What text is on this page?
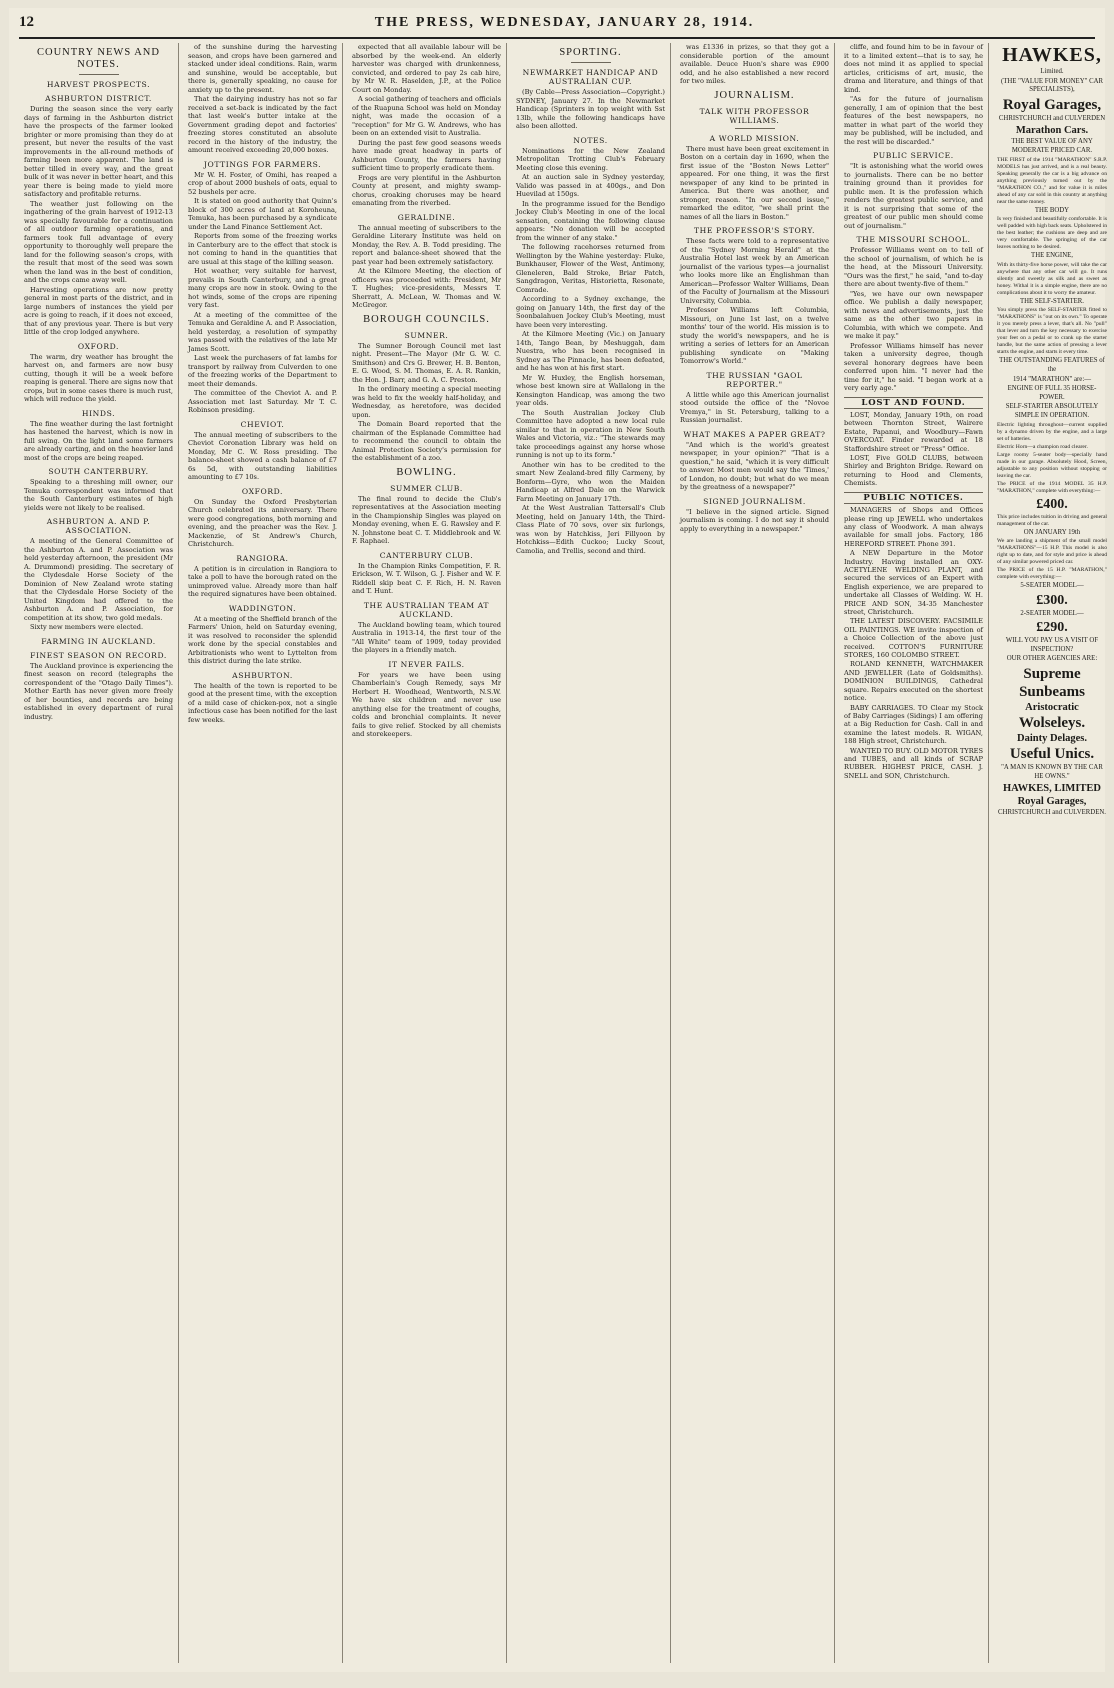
12	THE PRESS, WEDNESDAY, JANUARY 28, 1914.
COUNTRY NEWS AND NOTES.
HARVEST PROSPECTS.
ASHBURTON DISTRICT.

During the season since the very early days of farming in the Ashburton district have the prospects of the farmer looked brighter or more promising than they do at present, but never the results of the vast improvements in the all-round methods of farming been more apparent. The land is better tilled in every way, and the great bulk of it was never in better heart, and this year there is being made to yield more satisfactory and profitable returns.

The weather just following on the ingathering of the grain harvest of 1912-13 was specially favourable for a continuation of all outdoor farming operations, and farmers took full advantage of every opportunity to thoroughly well prepare the land for the following season's crops, with the result that most of the seed was sown when the land was in the best of condition, and the crops came away well.

Harvesting operations are now pretty general in most parts of the district, and in large numbers of instances the yield per acre is going to reach, if it does not exceed, that of any previous year. There is but very little of the crop lodged anywhere.

OXFORD.

The warm, dry weather has brought the harvest on, and farmers are now busy cutting, though it will be a week before reaping is general. There are signs now that crops, but in some cases there is much rust, which will reduce the yield.

HINDS.

The fine weather during the last fortnight has hastened the harvest, which is now in full swing. On the light land some farmers are already carting, and on the heavier land most of the crops are being reaped.

SOUTH CANTERBURY.

Speaking to a threshing mill owner, our Temuka correspondent was informed that the South Canterbury estimates of high yields were not likely to be realised.

ASHBURTON A. AND P. ASSOCIATION.

A meeting of the General Committee of the Ashburton A. and P. Association was held yesterday afternoon, the president (Mr A. Drummond) presiding. The secretary of the Clydesdale Horse Society of the Dominion of New Zealand wrote stating that the Clydesdale Horse Society of the United Kingdom had offered to the Ashburton A. and P. Association, for competition at its show, two gold medals.

Sixty new members were elected.

FARMING IN AUCKLAND.
FINEST SEASON ON RECORD.

The Auckland province is experiencing the finest season on record (telegraphs the correspondent of the "Otago Daily Times"). Mother Earth has never given more freely of her bounties, and records are being established in every department of rural industry.

of the sunshine during the harvesting season, and crops have been garnered and stacked under ideal conditions. Rain, warm and sunshine, would be acceptable, but there is, generally speaking, no cause for anxiety up to the present.

That the dairying industry has not so far received a set-back is indicated by the fact that last week's butter intake at the Government grading depot and factories' freezing stores constituted an absolute record in the history of the industry, the amount received exceeding 20,000 boxes.

JOTTINGS FOR FARMERS.

Mr W. H. Foster, of Omihi, has reaped a crop of about 2000 bushels of oats, equal to 52 bushels per acre.

It is stated on good authority that Quinn's block of 300 acres of land at Koroheuna, Temuka, has been purchased by a syndicate under the Land Finance Settlement Act.

Reports from some of the freezing works in Canterbury are to the effect that stock is not coming to hand in the quantities that are usual at this stage of the killing season.

Hot weather, very suitable for harvest, prevails in South Canterbury, and a great many crops are now in stook. Owing to the hot winds, some of the crops are ripening very fast.

At a meeting of the committee of the Temuka and Geraldine A. and P. Association, held yesterday, a resolution of sympathy was passed with the relatives of the late Mr James Scott.

Last week the purchasers of fat lambs for transport by railway from Culverden to one of the freezing works of the Department to meet their demands.

The committee of the Cheviot A. and P. Association met last Saturday. Mr T. C. Robinson presiding.

CHEVIOT.

The annual meeting of subscribers to the Cheviot Coronation Library was held on Monday, Mr C. W. Ross presiding. The balance-sheet showed a cash balance of £7 6s 5d, with outstanding liabilities amounting to £7 10s.

OXFORD.

On Sunday the Oxford Presbyterian Church celebrated its anniversary. There were good congregations, both morning and evening, and the preacher was the Rev. J. Mackenzie, of St Andrew's Church, Christchurch.

RANGIORA.

A petition is in circulation in Rangiora to take a poll to have the borough rated on the unimproved value. Already more than half the required signatures have been obtained.

WADDINGTON.

At a meeting of the Sheffield branch of the Farmers' Union, held on Saturday evening, it was resolved to reconsider the splendid work done by the special constables and Arbitrationists who went to Lyttelton from this district during the late strike.

ASHBURTON.

The health of the town is reported to be good at the present time, with the exception of a mild case of chicken-pox, not a single infectious case has been notified for the last few weeks.

expected that all available labour will be absorbed by the week-end. An elderly harvester was charged with drunkenness, convicted, and ordered to pay 2s cab hire, by Mr W. R. Haselden, J.P., at the Police Court on Monday.

A social gathering of teachers and officials of the Ruapuna School was held on Monday night, was made the occasion of a "reception" for Mr G. W. Andrews, who has been on an extended visit to Australia.

During the past few good seasons weeds have made great headway in parts of Ashburton County, the farmers having sufficient time to properly eradicate them.

Frogs are very plentiful in the Ashburton County at present, and mighty swamp-chorus, croaking choruses may be heard emanating from the riverbed.

GERALDINE.

The annual meeting of subscribers to the Geraldine Literary Institute was held on Monday, the Rev. A. B. Todd presiding. The report and balance-sheet showed that the past year had been extremely satisfactory.

At the Kilmore Meeting, the election of officers was proceeded with: President, Mr T. Hughes; vice-presidents, Messrs T. Sherratt, A. McLean, W. Thomas and W. McGregor.

BOROUGH COUNCILS.
SUMNER.

The Sumner Borough Council met last night. Present—The Mayor (Mr G. W. C. Smithson) and Crs G. Brewer, H. B. Benton, E. G. Wood, S. M. Thomas, E. A. R. Rankin, the Hon. J. Barr, and G. A. C. Preston.

In the ordinary meeting a special meeting was held to fix the weekly half-holiday, and Wednesday, as heretofore, was decided upon.

The Domain Board reported that the chairman of the Esplanade Committee had to recommend the council to obtain the Animal Protection Society's permission for the establishment of a zoo.

BOWLING.
SUMMER CLUB.

The final round to decide the Club's representatives at the Association meeting in the Championship Singles was played on Monday evening, when E. G. Rawsley and F. N. Johnstone beat C. T. Middlebrook and W. F. Raphael.

CANTERBURY CLUB.

In the Champion Rinks Competition, F. R. Erickson, W. T. Wilson, G. J. Fisher and W. F. Riddell skip beat C. F. Rich, H. N. Raven and T. Hunt.

THE AUSTRALIAN TEAM AT AUCKLAND.

The Auckland bowling team, which toured Australia in 1913-14, the first tour of the "All White" team of 1909, today provided the players in a friendly match.

IT NEVER FAILS.

For years we have been using Chamberlain's Cough Remedy, says Mr Herbert H. Woodhead, Wentworth, N.S.W. We have six children and never use anything else for the treatment of coughs, colds and bronchial complaints. It never fails to give relief. Stocked by all chemists and storekeepers.

SPORTING.
NEWMARKET HANDICAP AND AUSTRALIAN CUP.

(By Cable—Press Association—Copyright.) SYDNEY, January 27. In the Newmarket Handicap (Sprinters in top weight with Sst 13lb, while the following handicaps have also been allotted.

NOTES.

Nominations for the New Zealand Metropolitan Trotting Club's February Meeting close this evening.

At an auction sale in Sydney yesterday, Valido was passed in at 400gs., and Don Huevilad at 150gs.

In the programme issued for the Bendigo Jockey Club's Meeting in one of the local sensation, containing the following clause appears: "No donation will be accepted from the winner of any stake."

The following racehorses returned from Wellington by the Wahine yesterday: Fluke, Bunkhauser, Flower of the West, Antimony, Gleneleren, Bald Stroke, Briar Patch, Sangdragon, Veritas, Historietta, Resonate, Comrade.

According to a Sydney exchange, the going on January 14th, the first day of the Soonbalahuen Jockey Club's Meeting, must have been very interesting.

At the Kilmore Meeting (Vic.) on January 14th, Tango Bean, by Meshuggah, dam Nuestra, who has been recognised in Sydney as The Pinnacle, has been defeated, and he has won at his first start.

Mr W. Huxley, the English horseman, whose best known sire at Wallalong in the Kensington Handicap, was among the two year olds.

The South Australian Jockey Club Committee have adopted a new local rule similar to that in operation in New South Wales and Victoria, viz.: "The stewards may take proceedings against any horse whose running is not up to its form."

Another win has to be credited to the smart New Zealand-bred filly Carmeny, by Bonform—Gyre, who won the Maiden Handicap at Alfred Dale on the Warwick Farm Meeting on January 17th.

At the West Australian Tattersall's Club Meeting, held on January 14th, the Third-Class Plate of 70 sovs, over six furlongs, was won by Hatchkiss, Jeri Fillyoon by Hotchkiss—Edith Cuckoo; Lucky Scout, Camolia, and Trellis, second and third.

was £1336 in prizes, so that they got a considerable portion of the amount available. Deuce Huon's share was £900 odd, and he also established a new record for two miles.

JOURNALISM.
TALK WITH PROFESSOR WILLIAMS.
A WORLD MISSION.

There must have been great excitement in Boston on a certain day in 1690, when the first issue of the "Boston News Letter" appeared. For one thing, it was the first newspaper of any kind to be printed in America. But there was another, and stronger, reason. "In our second issue," remarked the editor, "we shall print the names of all the liars in Boston."

THE PROFESSOR'S STORY.

These facts were told to a representative of the "Sydney Morning Herald" at the Australia Hotel last week by an American journalist of the various types—a journalist who looks more like an Englishman than American—Professor Walter Williams, Dean of the Faculty of Journalism at the Missouri University, Columbia.

Professor Williams left Columbia, Missouri, on June 1st last, on a twelve months' tour of the world. His mission is to study the world's newspapers, and he is writing a series of letters for an American publishing syndicate on "Making Tomorrow's World."

THE RUSSIAN "GAOL REPORTER."

A little while ago this American journalist stood outside the office of the "Novoe Vremya," in St. Petersburg, talking to a Russian journalist.

WHAT MAKES A PAPER GREAT?

"And which is the world's greatest newspaper, in your opinion?" "That is a question," he said, "which it is very difficult to answer. Most men would say the 'Times,' of London, no doubt; but what do we mean by the greatness of a newspaper?"

SIGNED JOURNALISM.

"I believe in the signed article. Signed journalism is coming. I do not say it should apply to everything in a newspaper."

cliffe, and found him to be in favour of it to a limited extent—that is to say, he does not mind it as applied to special articles, criticisms of art, music, the drama and literature, and things of that kind.

"As for the future of journalism generally, I am of opinion that the best features of the best newspapers, no matter in what part of the world they may be published, will be included, and the rest will be discarded."

PUBLIC SERVICE.

"It is astonishing what the world owes to journalists. There can be no better training ground than it provides for public men. It is the profession which renders the greatest public service, and it is not surprising that some of the greatest of our public men should come out of journalism."

THE MISSOURI SCHOOL.

Professor Williams went on to tell of the school of journalism, of which he is the head, at the Missouri University. "Ours was the first," he said, "and to-day there are about twenty-five of them."

"Yes, we have our own newspaper office. We publish a daily newspaper, with news and advertisements, just the same as the other two papers in Columbia, with which we compete. And we make it pay."

Professor Williams himself has never taken a university degree, though several honorary degrees have been conferred upon him. "I never had the time for it," he said. "I began work at a very early age."

LOST AND FOUND.

LOST, Monday, January 19th, on road between Thornton Street, Wairere Estate, Papanui, and Woodbury—Fawn OVERCOAT. Finder rewarded at 18 Staffordshire street or "Press" Office.

LOST, Five GOLD CLUBS, between Shirley and Brighton Bridge. Reward on returning to Hood and Clements, Chemists.

PUBLIC NOTICES.

MANAGERS of Shops and Offices please ring up JEWELL who undertakes any class of Woodwork. A man always available for small jobs. Factory, 186 HEREFORD STREET. Phone 391.

A NEW Departure in the Motor Industry. Having installed an OXY-ACETYLENE WELDING PLANT, and secured the services of an Expert with English experience, we are prepared to undertake all Classes of Welding. W. H. PRICE AND SON, 34-35 Manchester street, Christchurch.

THE LATEST DISCOVERY. FACSIMILE OIL PAINTINGS. WE invite inspection of a Choice Collection of the above just received. COTTON'S FURNITURE STORES, 160 COLOMBO STREET.

ROLAND KENNETH, WATCHMAKER AND JEWELLER (Late of Goldsmiths). DOMINION BUILDINGS, Cathedral square. Repairs executed on the shortest notice.

BABY CARRIAGES. TO Clear my Stock of Baby Carriages (Sidings) I am offering at a Big Reduction for Cash. Call in and examine the latest models. R. WIGAN, 188 High street, Christchurch.

WANTED TO BUY. OLD MOTOR TYRES and TUBES, and all kinds of SCRAP RUBBER. HIGHEST PRICE, CASH. J. SNELL and SON, Christchurch.

HAWKES,
Limited.
(THE "VALUE FOR MONEY" CAR SPECIALISTS),
Royal Garages,
CHRISTCHURCH and CULVERDEN
Marathon Cars.
THE BEST VALUE OF ANY MODERATE PRICED CAR.
THE FIRST of the 1914 "MARATHON" S.R.P. MODELS has just arrived, and is a real beauty. Speaking generally the car is a big advance on anything previously turned out by the "MARATHON CO.," and for value it is miles ahead of any car sold in this country at anything near the same money.
THE BODY
Is very finished and beautifully comfortable. It is well padded with high back seats. Upholstered in the best leather; the cushions are deep and are very comfortable. The springing of the car leaves nothing to be desired.
THE ENGINE,
With its thirty-five horse power, will take the car anywhere that any other car will go. It runs silently and sweetly as silk and as sweet as honey. Withal it is a simple engine, there are no complications about it to worry the amateur.
THE SELF-STARTER.
You simply press the SELF-STARTER fitted to "MARATHONS" is "out on its own." To operate it you merely press a lever, that's all. No "pull" that lever and turn the key necessary to exercise your feet on a pedal or to crank up the starter handle, but the same action of pressing a lever starts the engine, and starts it every time.
THE OUTSTANDING FEATURES of the
1914 "MARATHON" are:—
ENGINE OF FULL 35 HORSE-POWER.
SELF-STARTER ABSOLUTELY SIMPLE IN OPERATION.
Electric lighting throughout—current supplied by a dynamo driven by the engine, and a large set of batteries.
Electric Horn—a champion road clearer.
Large roomy 5-seater body—specially hand made in our garage. Absolutely Hood, Screen, adjustable to any position without stopping or leaving the car.
The PRICE of the 1914 MODEL 35 H.P. "MARATHON," complete with everything:—
£400.
This price includes tuition in driving and general management of the car.
ON JANUARY 19th
We are landing a shipment of the small model "MARATHONS"—15 H.P. This model is also right up to date, and for style and price is ahead of any similar powered priced car.
The PRICE of the 15 H.P. "MARATHON," complete with everything:—
5-SEATER MODEL—
£300.
2-SEATER MODEL—
£290.
WILL YOU PAY US A VISIT OF INSPECTION?
OUR OTHER AGENCIES ARE:
Supreme
Sunbeams
Aristocratic
Wolseleys.
Dainty Delages.
Useful Unics.
"A MAN IS KNOWN BY THE CAR HE OWNS."
HAWKES, LIMITED
Royal Garages,
CHRISTCHURCH and CULVERDEN.
